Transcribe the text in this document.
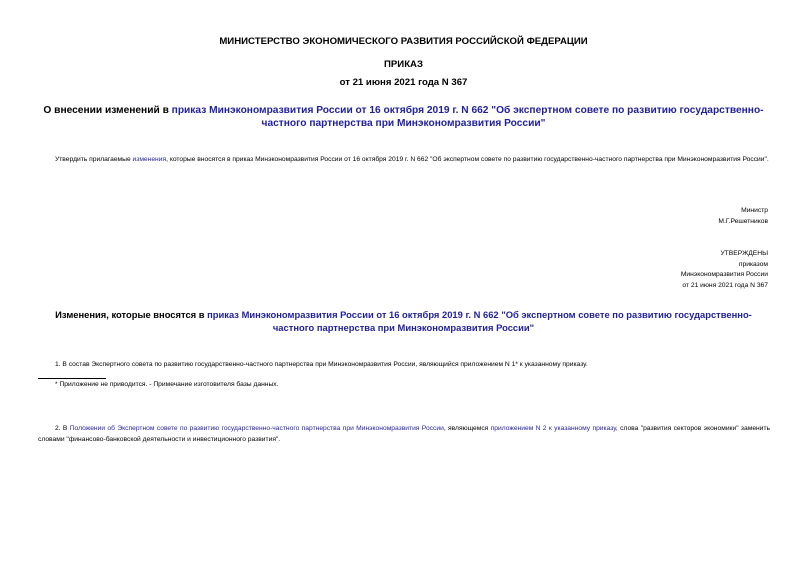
МИНИСТЕРСТВО ЭКОНОМИЧЕСКОГО РАЗВИТИЯ РОССИЙСКОЙ ФЕДЕРАЦИИ
ПРИКАЗ
от 21 июня 2021 года N 367
О внесении изменений в приказ Минэкономразвития России от 16 октября 2019 г. N 662 "Об экспертном совете по развитию государственно-частного партнерства при Минэкономразвития России"
Утвердить прилагаемые изменения, которые вносятся в приказ Минэкономразвития России от 16 октября 2019 г. N 662 "Об экспертном совете по развитию государственно-частного партнерства при Минэкономразвития России".
Министр
М.Г.Решетников
УТВЕРЖДЕНЫ
приказом
Минэкономразвития России
от 21 июня 2021 года N 367
Изменения, которые вносятся в приказ Минэкономразвития России от 16 октября 2019 г. N 662 "Об экспертном совете по развитию государственно-частного партнерства при Минэкономразвития России"
1. В состав Экспертного совета по развитию государственно-частного партнерства при Минэкономразвития России, являющийся приложением N 1* к указанному приказу.
* Приложение не приводится. - Примечание изготовителя базы данных.
2. В Положении об Экспертном совете по развитию государственно-частного партнерства при Минэкономразвития России, являющемся приложением N 2 к указанному приказу, слова "развития секторов экономики" заменить словами "финансово-банковской деятельности и инвестиционного развития".
